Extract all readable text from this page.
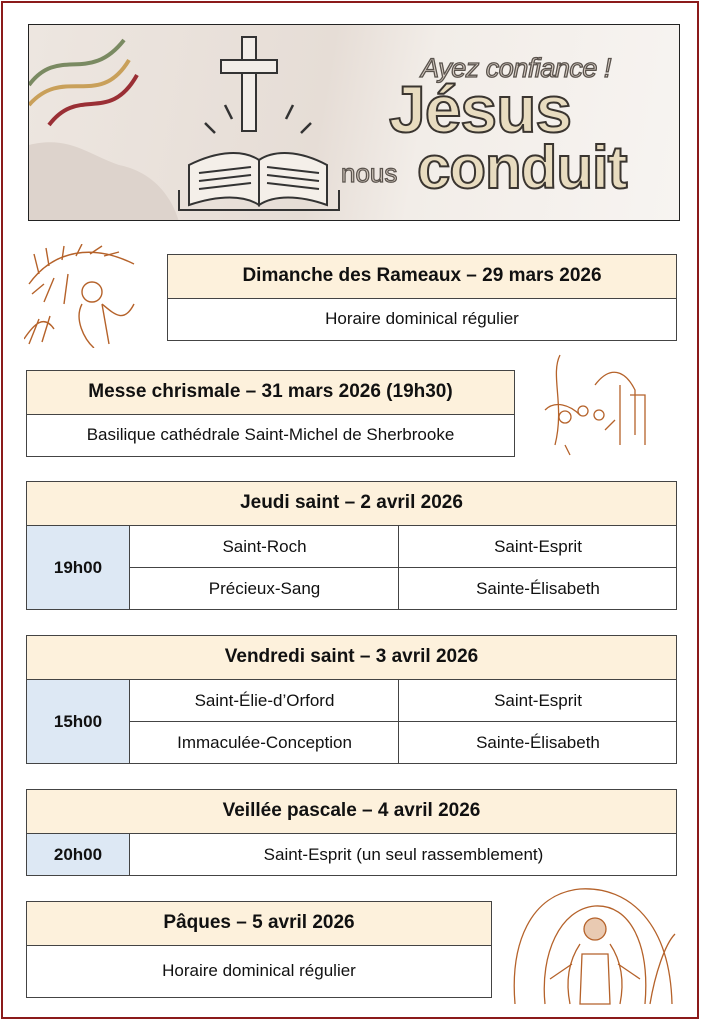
Ayez confiance !
Jésus
nous conduit
Dimanche des Rameaux – 29 mars 2026
Horaire dominical régulier
Messe chrismale – 31 mars 2026 (19h30)
Basilique cathédrale Saint-Michel de Sherbrooke
Jeudi saint – 2 avril 2026
19h00
Saint-Roch	Saint-Esprit
Précieux-Sang	Sainte-Élisabeth
Vendredi saint – 3 avril 2026
15h00
Saint-Élie-d’Orford	Saint-Esprit
Immaculée-Conception	Sainte-Élisabeth
Veillée pascale – 4 avril 2026
20h00	Saint-Esprit (un seul rassemblement)
Pâques – 5 avril 2026
Horaire dominical régulier
